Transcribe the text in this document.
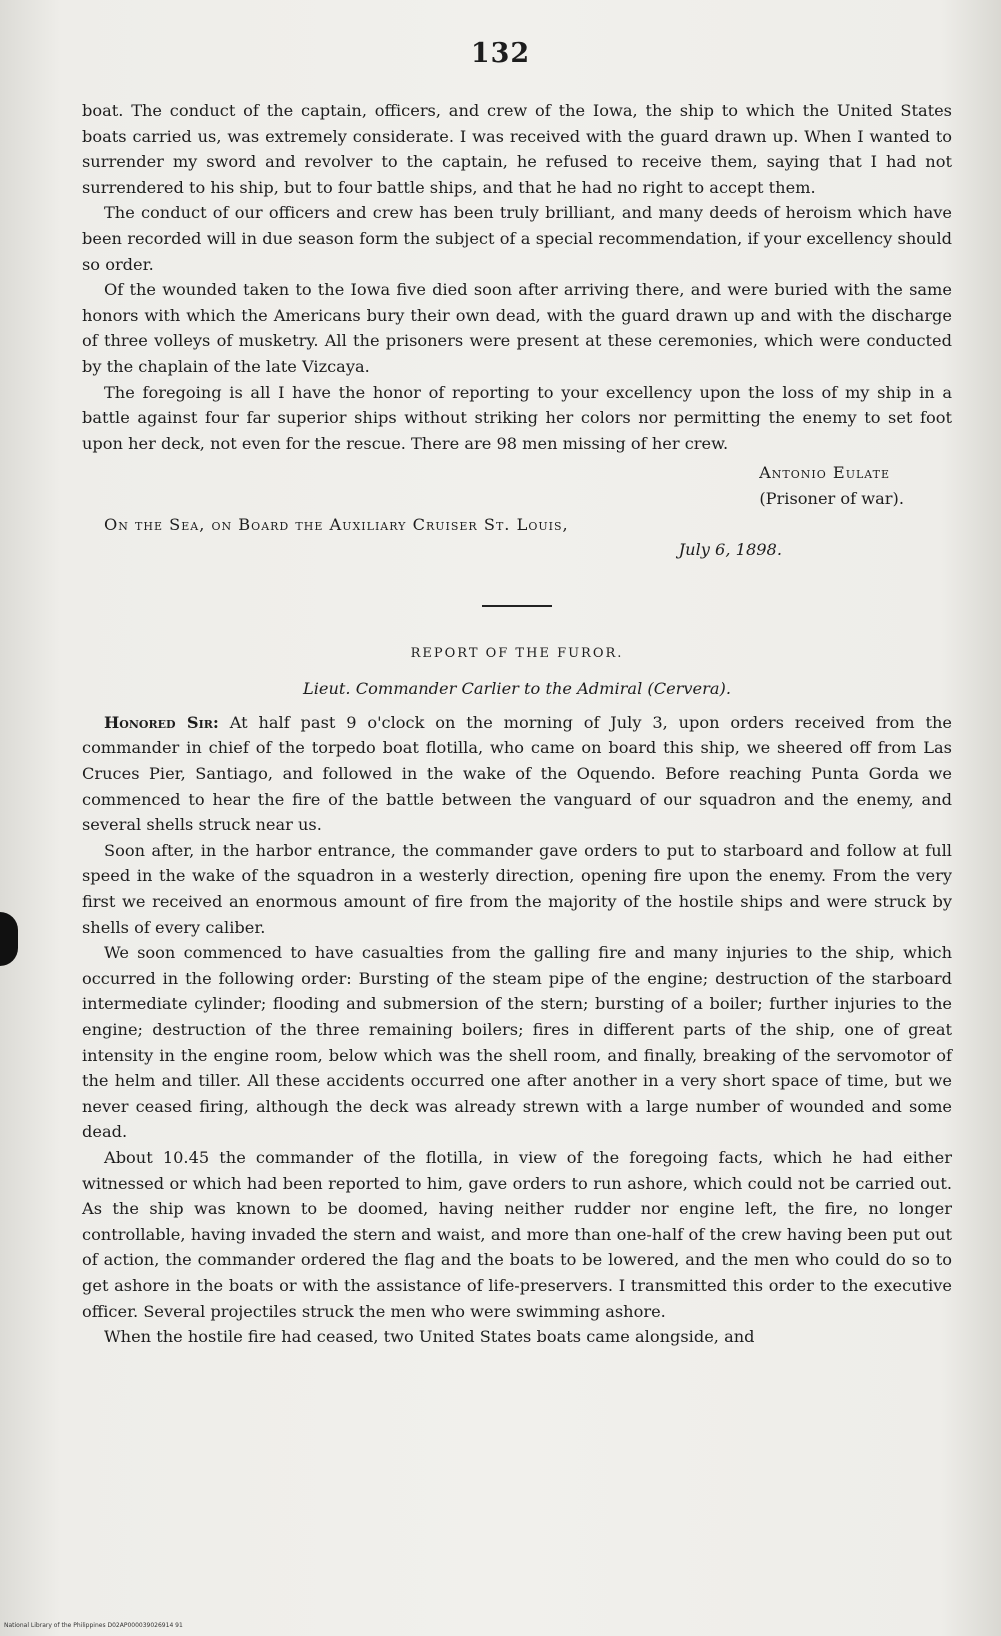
132

boat. The conduct of the captain, officers, and crew of the Iowa, the ship to which the United States boats carried us, was extremely considerate. I was received with the guard drawn up. When I wanted to surrender my sword and revolver to the captain, he refused to receive them, saying that I had not surrendered to his ship, but to four battle ships, and that he had no right to accept them.

The conduct of our officers and crew has been truly brilliant, and many deeds of heroism which have been recorded will in due season form the subject of a special recommendation, if your excellency should so order.

Of the wounded taken to the Iowa five died soon after arriving there, and were buried with the same honors with which the Americans bury their own dead, with the guard drawn up and with the discharge of three volleys of musketry. All the prisoners were present at these ceremonies, which were conducted by the chaplain of the late Vizcaya.

The foregoing is all I have the honor of reporting to your excellency upon the loss of my ship in a battle against four far superior ships without striking her colors nor permitting the enemy to set foot upon her deck, not even for the rescue. There are 98 men missing of her crew.

Antonio Eulate
(Prisoner of war).
On the Sea, on Board the Auxiliary Cruiser St. Louis,
July 6, 1898.
REPORT OF THE FUROR.
Lieut. Commander Carlier to the Admiral (Cervera).

Honored Sir: At half past 9 o'clock on the morning of July 3, upon orders received from the commander in chief of the torpedo boat flotilla, who came on board this ship, we sheered off from Las Cruces Pier, Santiago, and followed in the wake of the Oquendo. Before reaching Punta Gorda we commenced to hear the fire of the battle between the vanguard of our squadron and the enemy, and several shells struck near us.

Soon after, in the harbor entrance, the commander gave orders to put to starboard and follow at full speed in the wake of the squadron in a westerly direction, opening fire upon the enemy. From the very first we received an enormous amount of fire from the majority of the hostile ships and were struck by shells of every caliber.

We soon commenced to have casualties from the galling fire and many injuries to the ship, which occurred in the following order: Bursting of the steam pipe of the engine; destruction of the starboard intermediate cylinder; flooding and submersion of the stern; bursting of a boiler; further injuries to the engine; destruction of the three remaining boilers; fires in different parts of the ship, one of great intensity in the engine room, below which was the shell room, and finally, breaking of the servomotor of the helm and tiller. All these accidents occurred one after another in a very short space of time, but we never ceased firing, although the deck was already strewn with a large number of wounded and some dead.

About 10.45 the commander of the flotilla, in view of the foregoing facts, which he had either witnessed or which had been reported to him, gave orders to run ashore, which could not be carried out. As the ship was known to be doomed, having neither rudder nor engine left, the fire, no longer controllable, having invaded the stern and waist, and more than one-half of the crew having been put out of action, the commander ordered the flag and the boats to be lowered, and the men who could do so to get ashore in the boats or with the assistance of life-preservers. I transmitted this order to the executive officer. Several projectiles struck the men who were swimming ashore.

When the hostile fire had ceased, two United States boats came alongside, and

National Library of the Philippines D02AP000039026914 91
